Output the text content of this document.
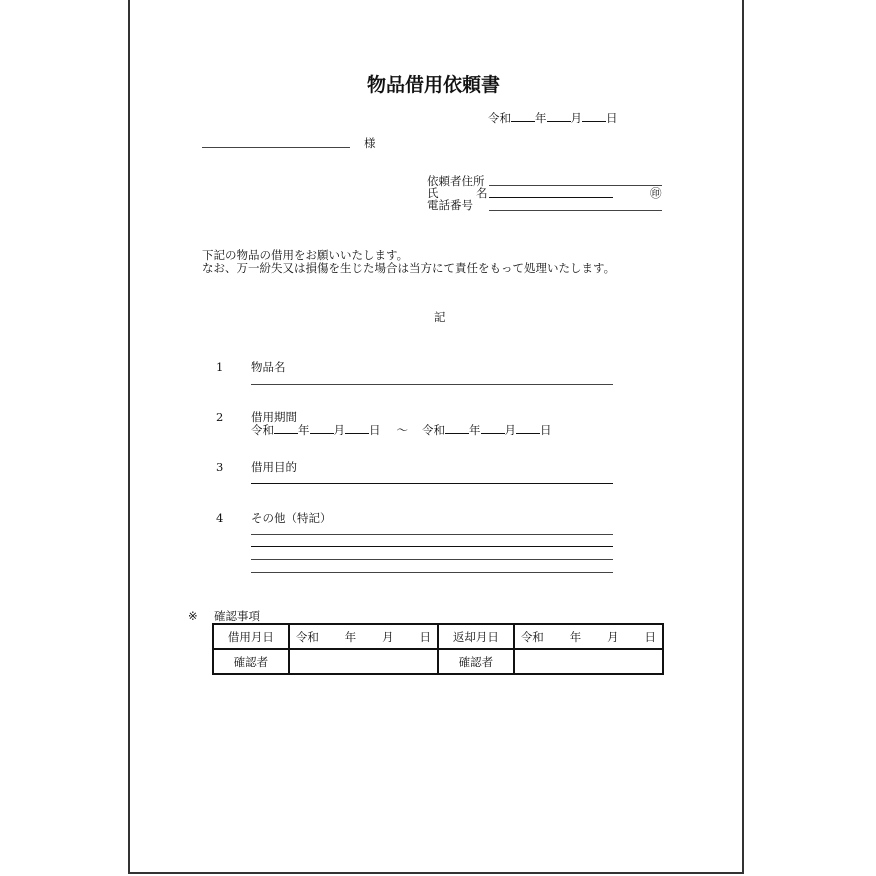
物品借用依頼書
令和 年 月 日
様
依頼者住所
氏	名	㊞
電話番号
下記の物品の借用をお願いいたします。
なお、万一紛失又は損傷を生じた場合は当方にて責任をもって処理いたします。
記
1 物品名
2 借用期間
令和 年 月 日 ～ 令和 年 月 日
3 借用目的
4 その他（特記）
※ 確認事項
借用月日	令和 年 月 日	返却月日	令和 年 月 日

確認者		確認者	
